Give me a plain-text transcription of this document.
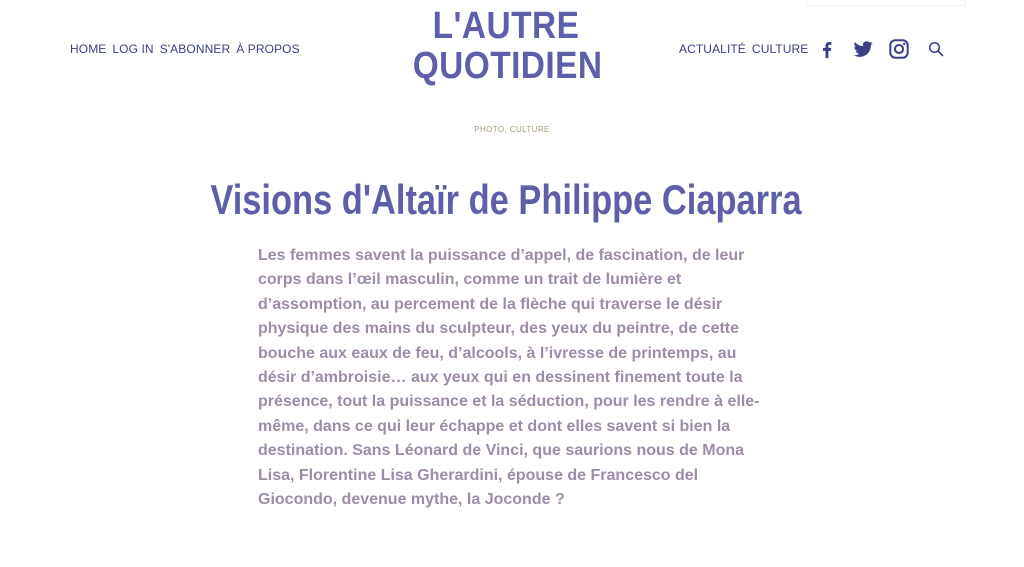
HOME LOG IN S'ABONNER À PROPOS
L'AUTRE
QUOTIDIEN	ACTUALITÉ CULTURE
PHOTO, CULTURE
Visions d'Altaïr de Philippe Ciaparra

Les femmes savent la puissance d’appel, de fascination, de leur corps dans l’œil masculin, comme un trait de lumière et d’assomption, au percement de la flèche qui traverse le désir physique des mains du sculpteur, des yeux du peintre, de cette bouche aux eaux de feu, d’alcools, à l’ivresse de printemps, au désir d’ambroisie… aux yeux qui en dessinent finement toute la présence, tout la puissance et la séduction, pour les rendre à elle-même, dans ce qui leur échappe et dont elles savent si bien la destination. Sans Léonard de Vinci, que saurions nous de Mona Lisa, Florentine Lisa Gherardini, épouse de Francesco del Giocondo, devenue mythe, la Joconde ?
